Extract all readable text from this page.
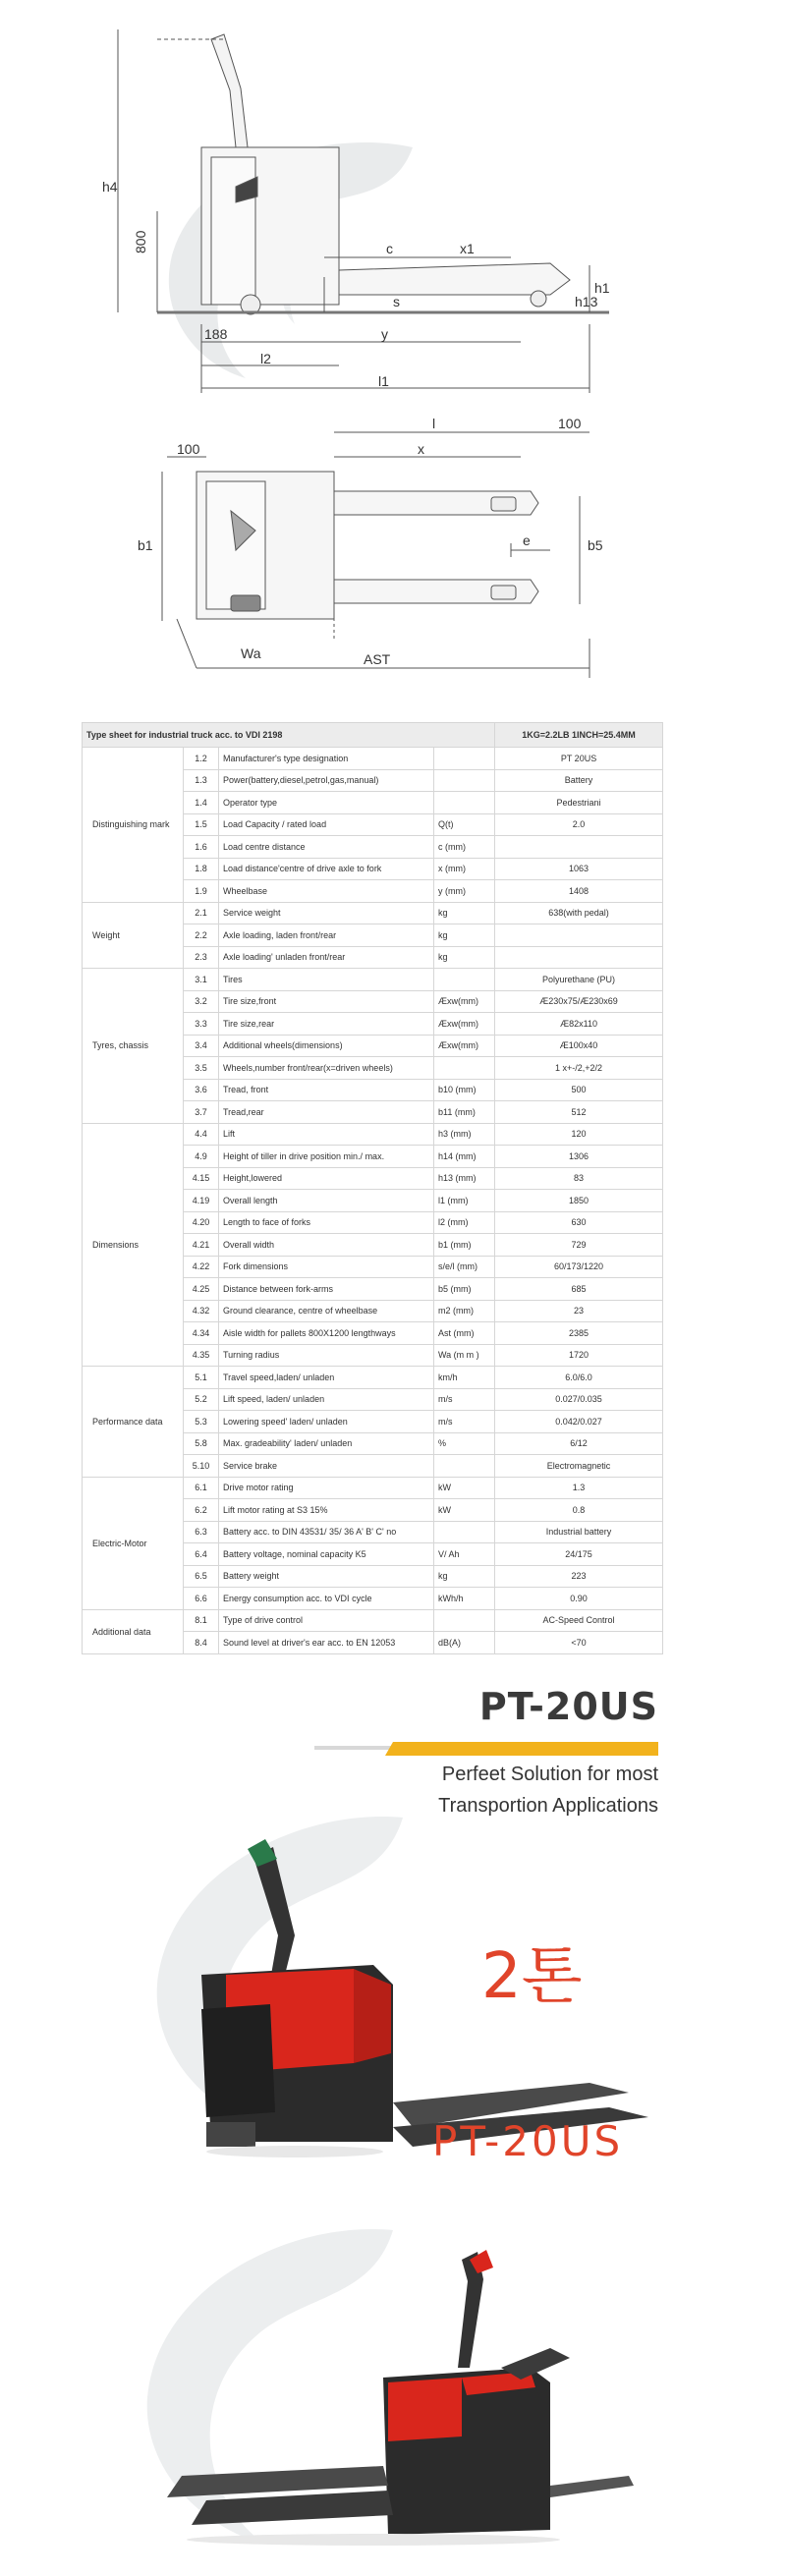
h4
800	c	x1
h1
h13
s
188	y
l2
l1
l
x
100
100
b1	b5
e
Wa	AST
Type sheet for industrial truck acc. to VDI 2198				1KG=2.2LB 1INCH=25.4MM
Distinguishing mark	1.2	Manufacturer's type designation		PT 20US
	1.3	Power(battery,diesel,petrol,gas,manual)		Battery
	1.4	Operator type		Pedestriani
	1.5	Load Capacity / rated load	Q(t)	2.0
	1.6	Load centre distance	c (mm)	
	1.8	Load distance'centre of drive axle to fork	x (mm)	1063
	1.9	Wheelbase	y (mm)	1408
Weight	2.1	Service weight	kg	638(with pedal)
	2.2	Axle loading, laden front/rear	kg	
	2.3	Axle loading' unladen front/rear	kg	
Tyres, chassis	3.1	Tires		Polyurethane (PU)
	3.2	Tire size,front	Æxw(mm)	Æ230x75/Æ230x69
	3.3	Tire size,rear	Æxw(mm)	Æ82x110
	3.4	Additional wheels(dimensions)	Æxw(mm)	Æ100x40
	3.5	Wheels,number front/rear(x=driven wheels)		1 x+-/2,+2/2
	3.6	Tread, front	b10 (mm)	500
	3.7	Tread,rear	b11 (mm)	512
Dimensions	4.4	Lift	h3 (mm)	120
	4.9	Height of tiller in drive position min./ max.	h14 (mm)	1306
	4.15	Height,lowered	h13 (mm)	83
	4.19	Overall length	l1 (mm)	1850
	4.20	Length to face of forks	l2 (mm)	630
	4.21	Overall width	b1 (mm)	729
	4.22	Fork dimensions	s/e/l (mm)	60/173/1220
	4.25	Distance between fork-arms	b5 (mm)	685
	4.32	Ground clearance, centre of wheelbase	m2 (mm)	23
	4.34	Aisle width for pallets 800X1200 lengthways	Ast (mm)	2385
	4.35	Turning radius	Wa (m m )	1720
Performance data	5.1	Travel speed,laden/ unladen	km/h	6.0/6.0
	5.2	Lift speed, laden/ unladen	m/s	0.027/0.035
	5.3	Lowering speed' laden/ unladen	m/s	0.042/0.027
	5.8	Max. gradeability' laden/ unladen	%	6/12
	5.10	Service brake		Electromagnetic
Electric-Motor	6.1	Drive motor rating	kW	1.3
	6.2	Lift motor rating at S3 15%	kW	0.8
	6.3	Battery acc. to DIN 43531/ 35/ 36 A' B' C' no		Industrial battery
	6.4	Battery voltage, nominal capacity K5	V/ Ah	24/175
	6.5	Battery weight	kg	223
	6.6	Energy consumption acc. to VDI cycle	kWh/h	0.90
Additional data	8.1	Type of drive control		AC-Speed Control
	8.4	Sound level at driver's ear acc. to EN 12053	dB(A)	<70
PT-20US
Perfeet Solution for most
Transportion Applications
2톤
PT-20US
